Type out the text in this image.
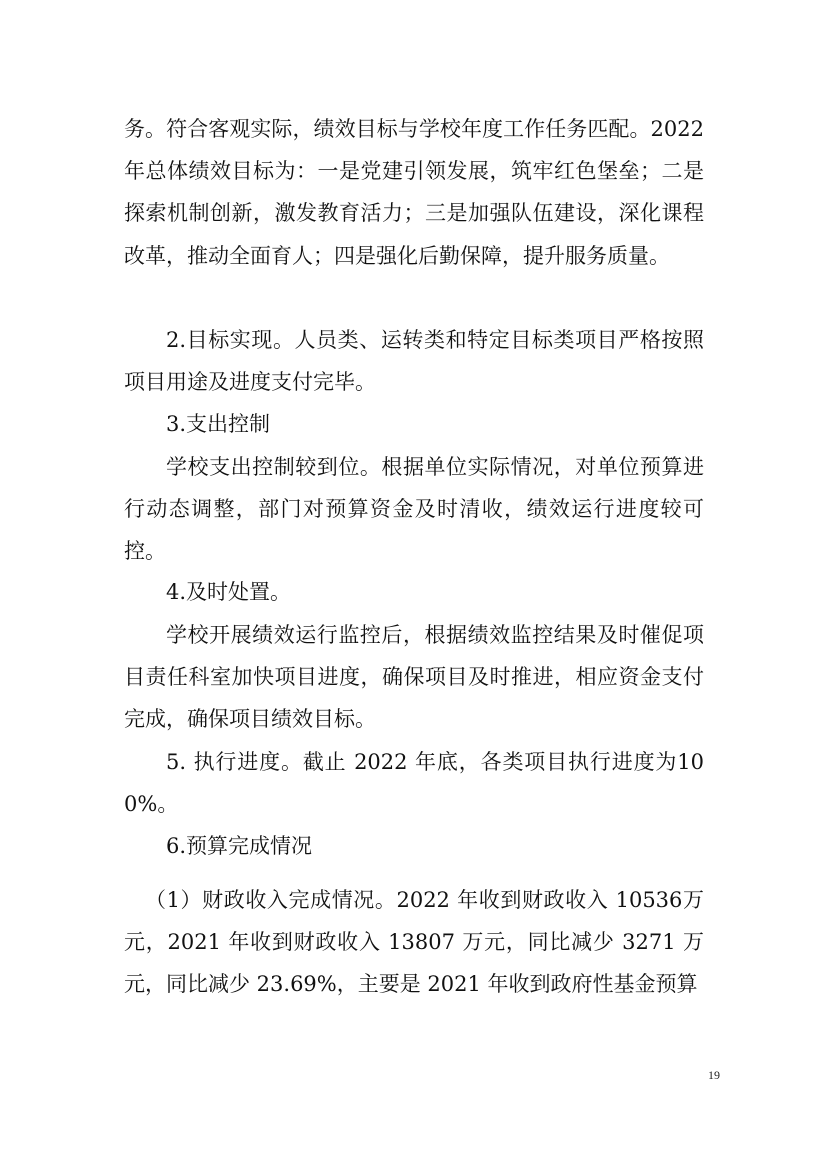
务。符合客观实际，绩效目标与学校年度工作任务匹配。2022年总体绩效目标为：一是党建引领发展，筑牢红色堡垒；二是探索机制创新，激发教育活力；三是加强队伍建设，深化课程改革，推动全面育人；四是强化后勤保障，提升服务质量。

2.目标实现。人员类、运转类和特定目标类项目严格按照项目用途及进度支付完毕。

3.支出控制

学校支出控制较到位。根据单位实际情况，对单位预算进行动态调整，部门对预算资金及时清收，绩效运行进度较可控。

4.及时处置。

学校开展绩效运行监控后，根据绩效监控结果及时催促项目责任科室加快项目进度，确保项目及时推进，相应资金支付完成，确保项目绩效目标。

5. 执行进度。截止 2022 年底，各类项目执行进度为100%。

6.预算完成情况

（1）财政收入完成情况。2022 年收到财政收入 10536万元，2021 年收到财政收入 13807 万元，同比减少 3271 万元，同比减少 23.69%，主要是 2021 年收到政府性基金预算

19
